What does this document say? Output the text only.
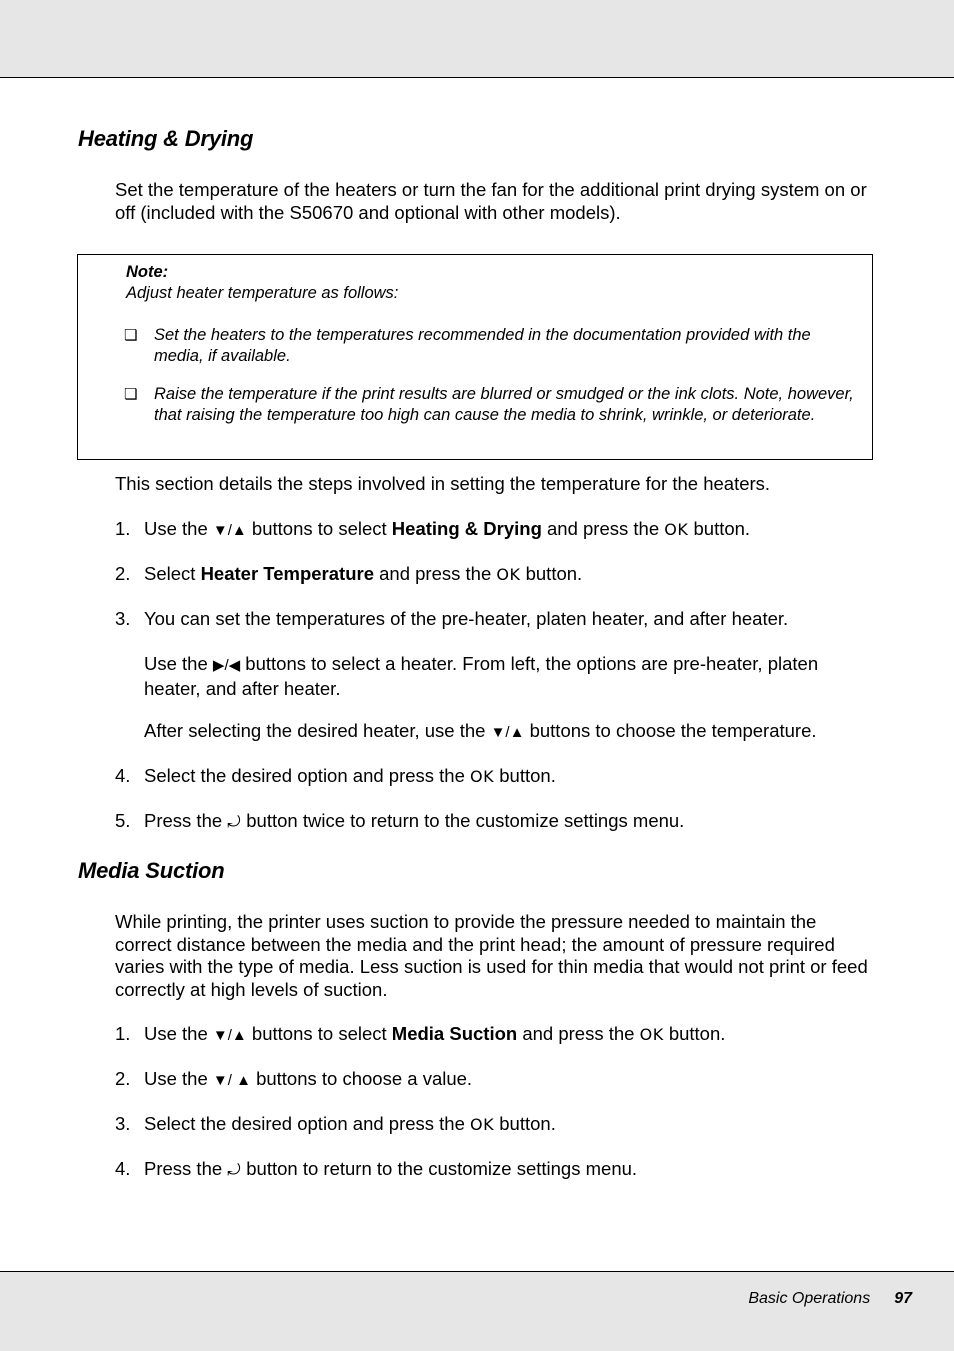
Heating & Drying
Set the temperature of the heaters or turn the fan for the additional print drying system on or off (included with the S50670 and optional with other models).
Note:
Adjust heater temperature as follows:
❏	Set the heaters to the temperatures recommended in the documentation provided with the media, if available.
❏	Raise the temperature if the print results are blurred or smudged or the ink clots. Note, however, that raising the temperature too high can cause the media to shrink, wrinkle, or deteriorate.
This section details the steps involved in setting the temperature for the heaters.
1. Use the ▼/▲ buttons to select Heating & Drying and press the OK button.
2. Select Heater Temperature and press the OK button.
3. You can set the temperatures of the pre-heater, platen heater, and after heater.
Use the ▶/◀ buttons to select a heater. From left, the options are pre-heater, platen heater, and after heater.
After selecting the desired heater, use the ▼/▲ buttons to choose the temperature.
4. Select the desired option and press the OK button.
5. Press the ⤾ button twice to return to the customize settings menu.
Media Suction
While printing, the printer uses suction to provide the pressure needed to maintain the correct distance between the media and the print head; the amount of pressure required varies with the type of media. Less suction is used for thin media that would not print or feed correctly at high levels of suction.
1. Use the ▼/▲ buttons to select Media Suction and press the OK button.
2. Use the ▼/ ▲ buttons to choose a value.
3. Select the desired option and press the OK button.
4. Press the ⤾ button to return to the customize settings menu.
Basic Operations 97
